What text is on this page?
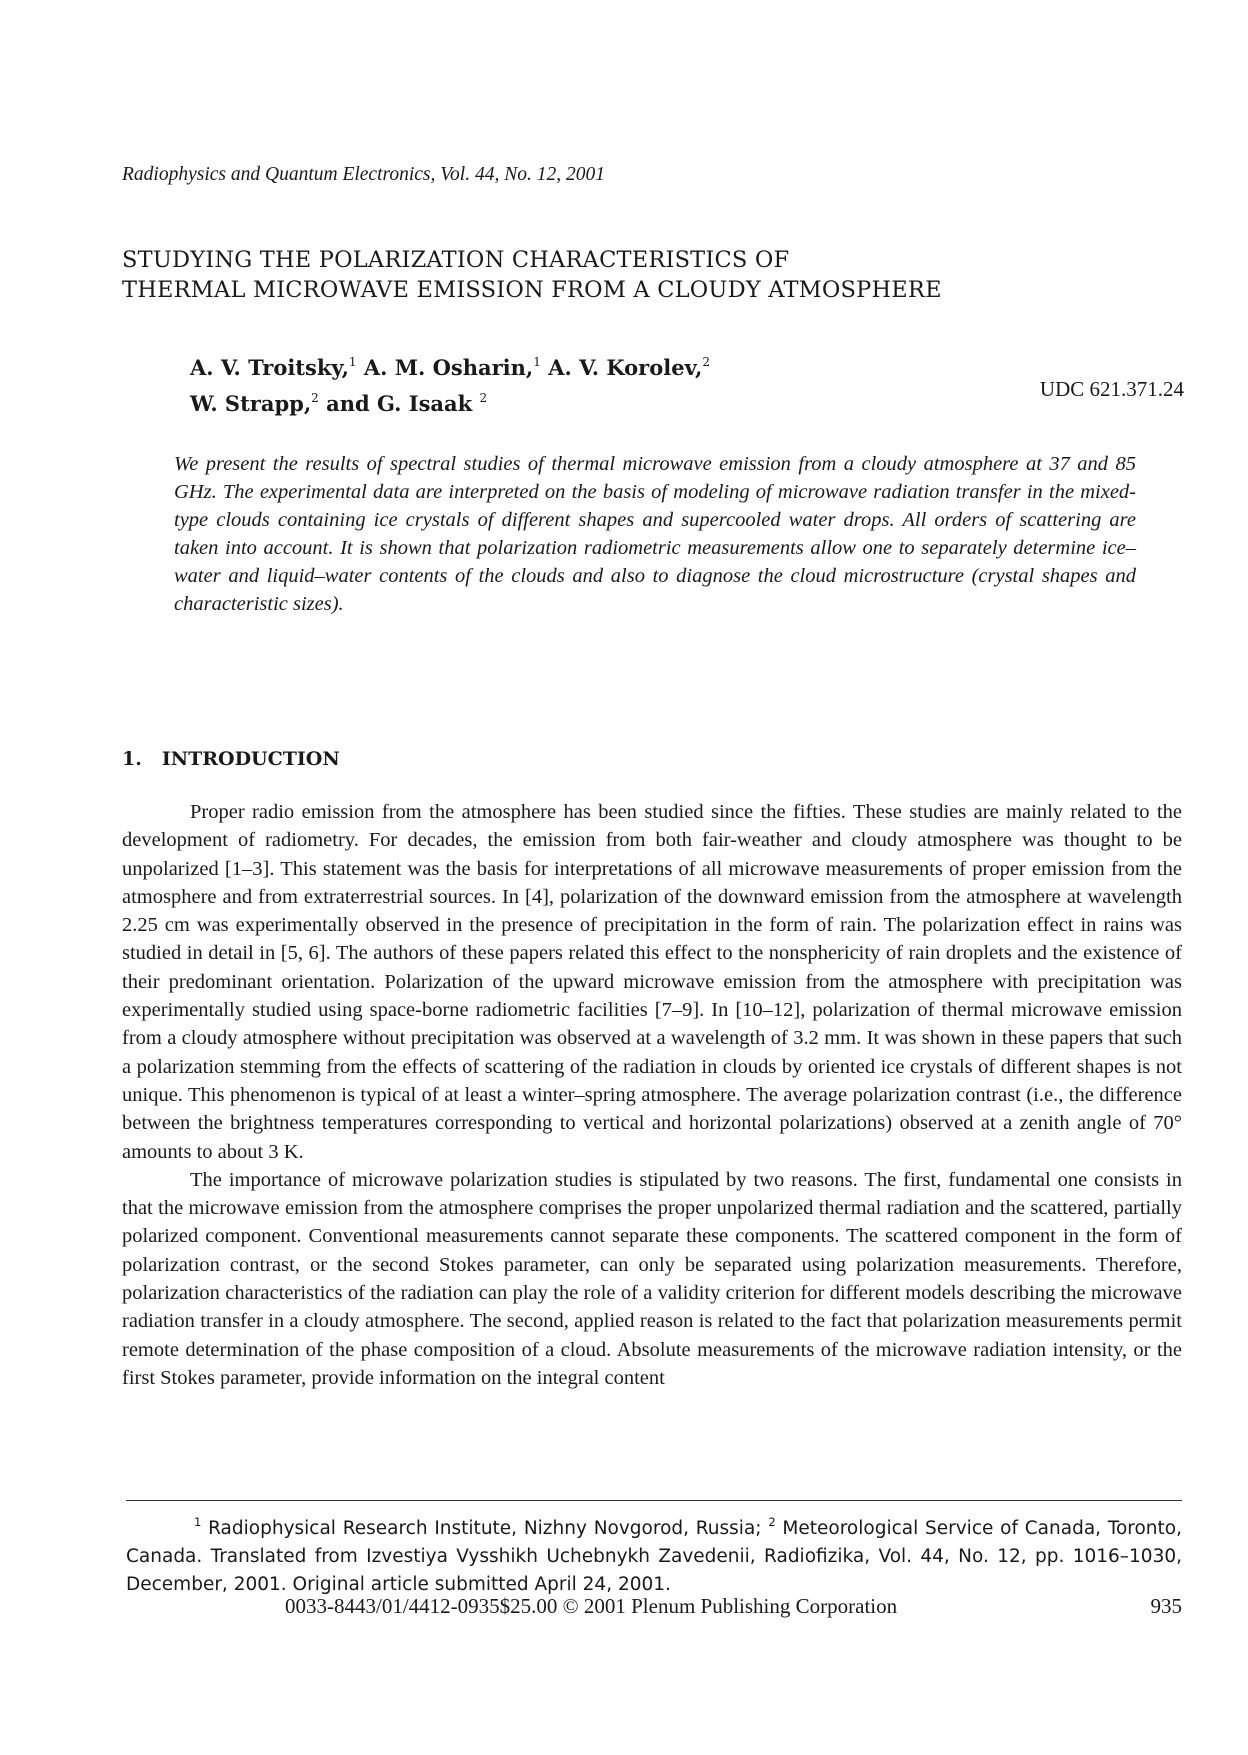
Radiophysics and Quantum Electronics, Vol. 44, No. 12, 2001
STUDYING THE POLARIZATION CHARACTERISTICS OF
THERMAL MICROWAVE EMISSION FROM A CLOUDY ATMOSPHERE
A. V. Troitsky,$^1$ A. M. Osharin,$^1$ A. V. Korolev,$^2$
W. Strapp,$^2$ and G. Isaak $^2$	UDC 621.371.24
We present the results of spectral studies of thermal microwave emission from a cloudy atmosphere at 37 and 85 GHz. The experimental data are interpreted on the basis of modeling of microwave radiation transfer in the mixed-type clouds containing ice crystals of different shapes and supercooled water drops. All orders of scattering are taken into account. It is shown that polarization radiometric measurements allow one to separately determine ice–water and liquid–water contents of the clouds and also to diagnose the cloud microstructure (crystal shapes and characteristic sizes).
1. INTRODUCTION

Proper radio emission from the atmosphere has been studied since the fifties. These studies are mainly related to the development of radiometry. For decades, the emission from both fair-weather and cloudy atmosphere was thought to be unpolarized [1–3]. This statement was the basis for interpretations of all microwave measurements of proper emission from the atmosphere and from extraterrestrial sources. In [4], polarization of the downward emission from the atmosphere at wavelength 2.25 cm was experimentally observed in the presence of precipitation in the form of rain. The polarization effect in rains was studied in detail in [5, 6]. The authors of these papers related this effect to the nonsphericity of rain droplets and the existence of their predominant orientation. Polarization of the upward microwave emission from the atmosphere with precipitation was experimentally studied using space-borne radiometric facilities [7–9]. In [10–12], polarization of thermal microwave emission from a cloudy atmosphere without precipitation was observed at a wavelength of 3.2 mm. It was shown in these papers that such a polarization stemming from the effects of scattering of the radiation in clouds by oriented ice crystals of different shapes is not unique. This phenomenon is typical of at least a winter–spring atmosphere. The average polarization contrast (i.e., the difference between the brightness temperatures corresponding to vertical and horizontal polarizations) observed at a zenith angle of 70° amounts to about 3 K.

The importance of microwave polarization studies is stipulated by two reasons. The first, fundamental one consists in that the microwave emission from the atmosphere comprises the proper unpolarized thermal radiation and the scattered, partially polarized component. Conventional measurements cannot separate these components. The scattered component in the form of polarization contrast, or the second Stokes parameter, can only be separated using polarization measurements. Therefore, polarization characteristics of the radiation can play the role of a validity criterion for different models describing the microwave radiation transfer in a cloudy atmosphere. The second, applied reason is related to the fact that polarization measurements permit remote determination of the phase composition of a cloud. Absolute measurements of the microwave radiation intensity, or the first Stokes parameter, provide information on the integral content

$^1$ Radiophysical Research Institute, Nizhny Novgorod, Russia; $^2$ Meteorological Service of Canada, Toronto, Canada. Translated from Izvestiya Vysshikh Uchebnykh Zavedenii, Radiofizika, Vol. 44, No. 12, pp. 1016–1030, December, 2001. Original article submitted April 24, 2001.

0033-8443/01/4412-0935$25.00 © 2001 Plenum Publishing Corporation	935
